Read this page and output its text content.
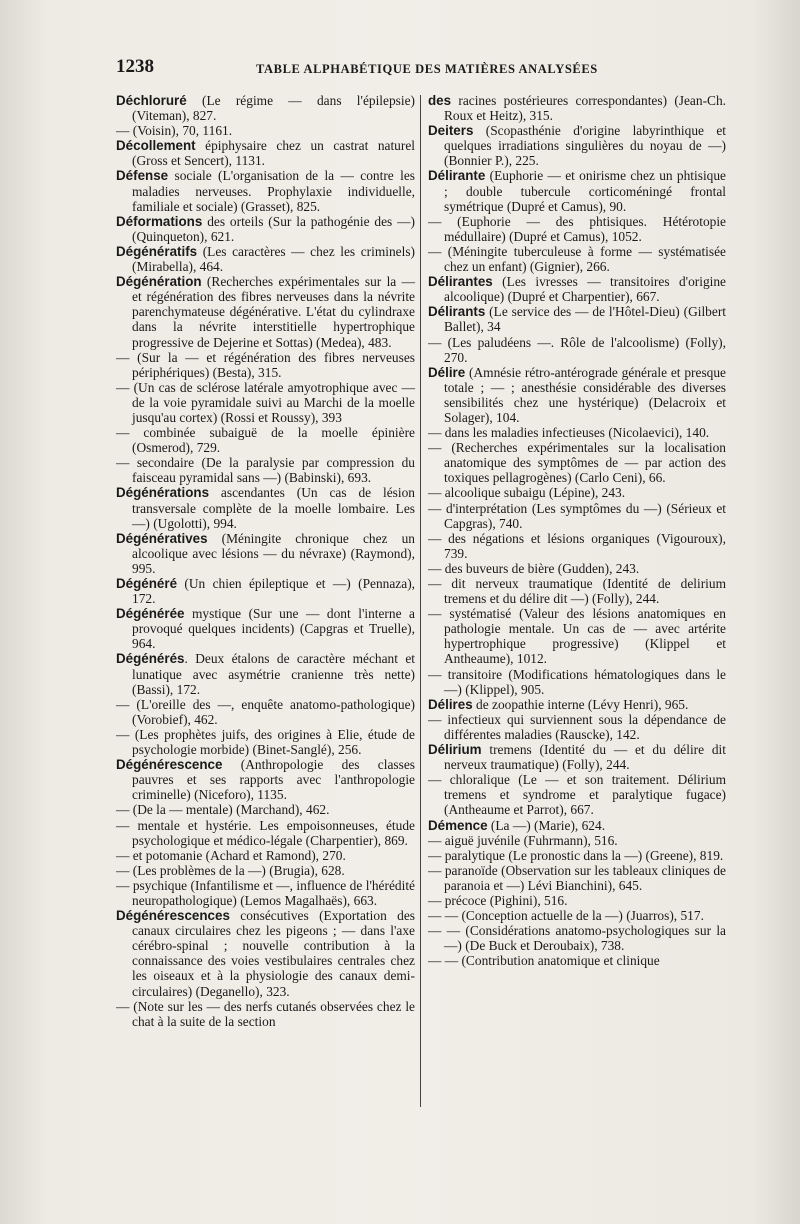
1238	TABLE ALPHABÉTIQUE DES MATIÈRES ANALYSÉES

Déchloruré (Le régime — dans l'épilepsie) (Viteman), 827.

— (Voisin), 70, 1161.

Décollement épiphysaire chez un castrat naturel (Gross et Sencert), 1131.

Défense sociale (L'organisation de la — contre les maladies nerveuses. Prophylaxie individuelle, familiale et sociale) (Grasset), 825.

Déformations des orteils (Sur la pathogénie des —) (Quinqueton), 621.

Dégénératifs (Les caractères — chez les criminels) (Mirabella), 464.

Dégénération (Recherches expérimentales sur la — et régénération des fibres nerveuses dans la névrite parenchymateuse dégénérative. L'état du cylindraxe dans la névrite interstitielle hypertrophique progressive de Dejerine et Sottas) (Medea), 483.

— (Sur la — et régénération des fibres nerveuses périphériques) (Besta), 315.

— (Un cas de sclérose latérale amyotrophique avec — de la voie pyramidale suivi au Marchi de la moelle jusqu'au cortex) (Rossi et Roussy), 393

— combinée subaiguë de la moelle épinière (Osmerod), 729.

— secondaire (De la paralysie par compression du faisceau pyramidal sans —) (Babinski), 693.

Dégénérations ascendantes (Un cas de lésion transversale complète de la moelle lombaire. Les —) (Ugolotti), 994.

Dégénératives (Méningite chronique chez un alcoolique avec lésions — du névraxe) (Raymond), 995.

Dégénéré (Un chien épileptique et —) (Pennaza), 172.

Dégénérée mystique (Sur une — dont l'interne a provoqué quelques incidents) (Capgras et Truelle), 964.

Dégénérés. Deux étalons de caractère méchant et lunatique avec asymétrie cranienne très nette) (Bassi), 172.

— (L'oreille des —, enquête anatomo-pathologique) (Vorobief), 462.

— (Les prophètes juifs, des origines à Elie, étude de psychologie morbide) (Binet-Sanglé), 256.

Dégénérescence (Anthropologie des classes pauvres et ses rapports avec l'anthropologie criminelle) (Niceforo), 1135.

— (De la — mentale) (Marchand), 462.

— mentale et hystérie. Les empoisonneuses, étude psychologique et médico-légale (Charpentier), 869.

— et potomanie (Achard et Ramond), 270.

— (Les problèmes de la —) (Brugia), 628.

— psychique (Infantilisme et —, influence de l'hérédité neuropathologique) (Lemos Magalhaës), 663.

Dégénérescences consécutives (Exportation des canaux circulaires chez les pigeons ; — dans l'axe cérébro-spinal ; nouvelle contribution à la connaissance des voies vestibulaires centrales chez les oiseaux et à la physiologie des canaux demi-circulaires) (Deganello), 323.

— (Note sur les — des nerfs cutanés observées chez le chat à la suite de la section

des racines postérieures correspondantes) (Jean-Ch. Roux et Heitz), 315.

Deiters (Scopasthénie d'origine labyrinthique et quelques irradiations singulières du noyau de —) (Bonnier P.), 225.

Délirante (Euphorie — et onirisme chez un phtisique ; double tubercule corticoméningé frontal symétrique (Dupré et Camus), 90.

— (Euphorie — des phtisiques. Hétérotopie médullaire) (Dupré et Camus), 1052.

— (Méningite tuberculeuse à forme — systématisée chez un enfant) (Gignier), 266.

Délirantes (Les ivresses — transitoires d'origine alcoolique) (Dupré et Charpentier), 667.

Délirants (Le service des — de l'Hôtel-Dieu) (Gilbert Ballet), 34

— (Les paludéens —. Rôle de l'alcoolisme) (Folly), 270.

Délire (Amnésie rétro-antérograde générale et presque totale ; — ; anesthésie considérable des diverses sensibilités chez une hystérique) (Delacroix et Solager), 104.

— dans les maladies infectieuses (Nicolaevici), 140.

— (Recherches expérimentales sur la localisation anatomique des symptômes de — par action des toxiques pellagrogènes) (Carlo Ceni), 66.

— alcoolique subaigu (Lépine), 243.

— d'interprétation (Les symptômes du —) (Sérieux et Capgras), 740.

— des négations et lésions organiques (Vigouroux), 739.

— des buveurs de bière (Gudden), 243.

— dit nerveux traumatique (Identité de delirium tremens et du délire dit —) (Folly), 244.

— systématisé (Valeur des lésions anatomiques en pathologie mentale. Un cas de — avec artérite hypertrophique progressive) (Klippel et Antheaume), 1012.

— transitoire (Modifications hématologiques dans le —) (Klippel), 905.

Délires de zoopathie interne (Lévy Henri), 965.

— infectieux qui surviennent sous la dépendance de différentes maladies (Rauscke), 142.

Délirium tremens (Identité du — et du délire dit nerveux traumatique) (Folly), 244.

— chloralique (Le — et son traitement. Délirium tremens et syndrome et paralytique fugace) (Antheaume et Parrot), 667.

Démence (La —) (Marie), 624.

— aiguë juvénile (Fuhrmann), 516.

— paralytique (Le pronostic dans la —) (Greene), 819.

— paranoïde (Observation sur les tableaux cliniques de paranoia et —) Lévi Bianchini), 645.

— précoce (Pighini), 516.

— — (Conception actuelle de la —) (Juarros), 517.

— — (Considérations anatomo-psychologiques sur la —) (De Buck et Deroubaix), 738.

— — (Contribution anatomique et clinique
